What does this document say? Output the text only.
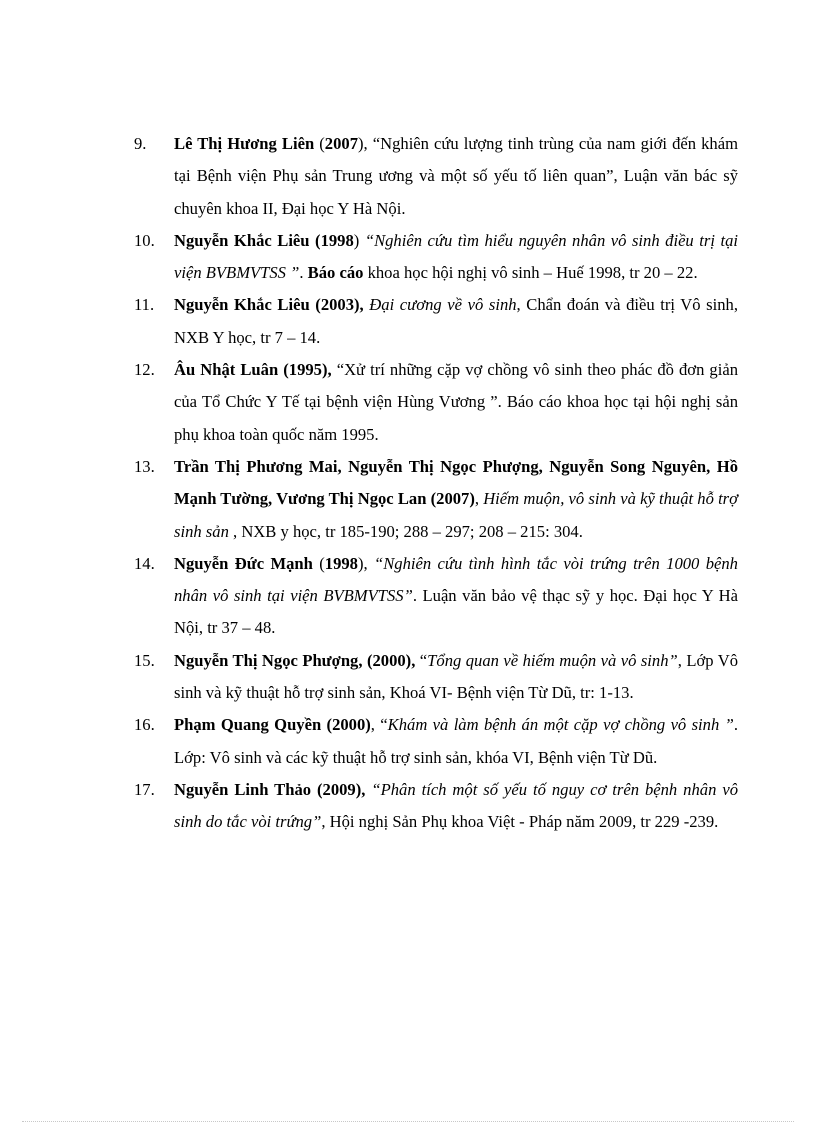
9.	Lê Thị Hương Liên (2007), “Nghiên cứu lượng tinh trùng của nam giới đến khám tại Bệnh viện Phụ sản Trung ương và một số yếu tố liên quan”, Luận văn bác sỹ chuyên khoa II, Đại học Y Hà Nội.
10.	Nguyễn Khắc Liêu (1998) “Nghiên cứu tìm hiểu nguyên nhân vô sinh điều trị tại viện BVBMVTSS ”. Báo cáo khoa học hội nghị vô sinh – Huế 1998, tr 20 – 22.
11.	Nguyễn Khắc Liêu (2003), Đại cương về vô sinh, Chẩn đoán và điều trị Vô sinh, NXB Y học, tr 7 – 14.
12.	Âu Nhật Luân (1995), “Xử trí những cặp vợ chồng vô sinh theo phác đồ đơn giản của Tổ Chức Y Tế tại bệnh viện Hùng Vương ”. Báo cáo khoa học tại hội nghị sản phụ khoa toàn quốc năm 1995.
13.	Trần Thị Phương Mai, Nguyễn Thị Ngọc Phượng, Nguyễn Song Nguyên, Hồ Mạnh Tường, Vương Thị Ngọc Lan (2007), Hiếm muộn, vô sinh và kỹ thuật hỗ trợ sinh sản , NXB y học, tr 185-190; 288 – 297; 208 – 215: 304.
14.	Nguyễn Đức Mạnh (1998), “Nghiên cứu tình hình tắc vòi trứng trên 1000 bệnh nhân vô sinh tại viện BVBMVTSS”. Luận văn bảo vệ thạc sỹ y học. Đại học Y Hà Nội, tr 37 – 48.
15.	Nguyễn Thị Ngọc Phượng, (2000), “Tổng quan về hiếm muộn và vô sinh”, Lớp Vô sinh và kỹ thuật hỗ trợ sinh sản, Khoá VI- Bệnh viện Từ Dũ, tr: 1-13.
16.	Phạm Quang Quyền (2000), “Khám và làm bệnh án một cặp vợ chồng vô sinh ”. Lớp: Vô sinh và các kỹ thuật hỗ trợ sinh sản, khóa VI, Bệnh viện Từ Dũ.
17.	Nguyễn Linh Thảo (2009), “Phân tích một số yếu tố nguy cơ trên bệnh nhân vô sinh do tắc vòi trứng”, Hội nghị Sản Phụ khoa Việt - Pháp năm 2009, tr 229 -239.
